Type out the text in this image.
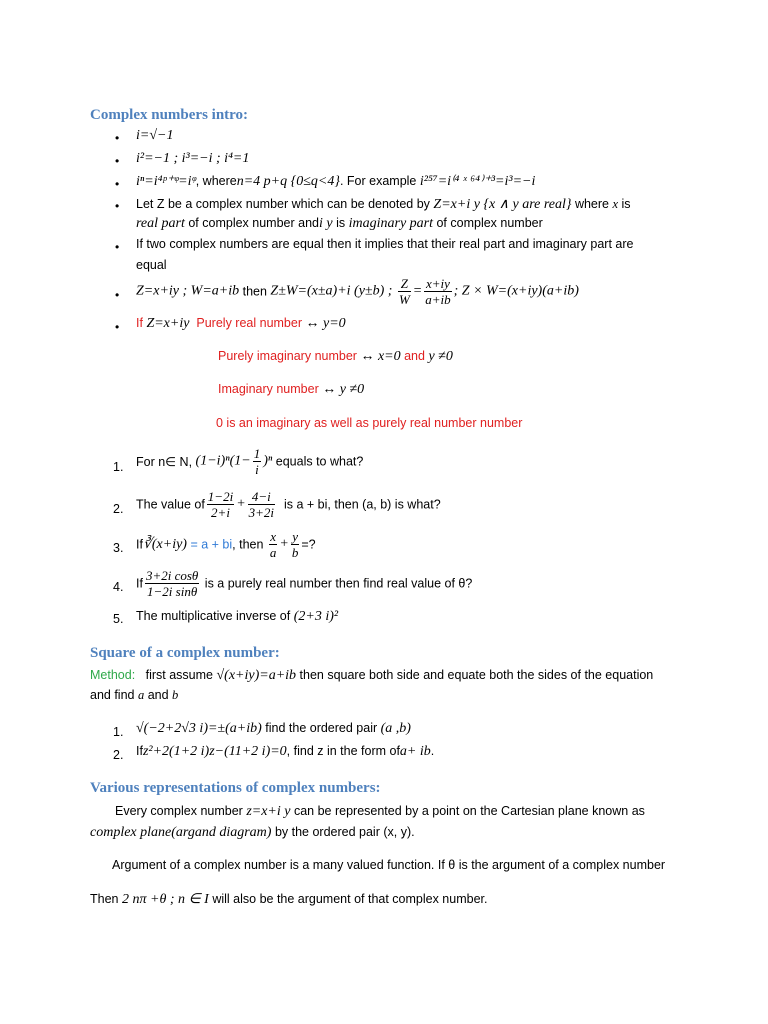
Complex numbers intro:
• i=√−1
• i²=−1 ; i³=−i ; i⁴=1
• iⁿ=i⁴ᵖ⁺ᵠ=iᵠ, wheren=4 p+q {0≤q<4}. For example i²⁵⁷=i⁽⁴ ˣ ⁶⁴⁾⁺³=i³=−i
• Let Z be a complex number which can be denoted by Z=x+i y {x ∧ y are real} where x is
real part of complex number andi y is imaginary part of complex number
• If two complex numbers are equal then it implies that their real part and imaginary part are
equal
• Z=x+iy ; W=a+ib then Z±W=(x±a)+i (y±b) ; $\frac{Z}{W} = \frac{x+iy}{a+ib}$ ; Z × W=(x+iy)(a+ib)
• If Z=x+iy Purely real number ↔ y=0
Purely imaginary number ↔ x=0 and y ≠0
Imaginary number ↔ y ≠0
0 is an imaginary as well as purely real number number
1. For n∈ N, $(1-i)^n(1- \frac{1}{i} )^n$ equals to what?
2. The value of $\frac{1-2i}{2+i} + \frac{4-i}{3+2i}$ is a + bi, then (a, b) is what?
3. If∛(x+iy) = a + bi, then $\frac{x}{a} + \frac{y}{b}$ =?
4. If $\frac{\text{3+2i cosθ}}{\text{1−2i sinθ}}$ is a purely real number then find real value of θ?
5. The multiplicative inverse of (2+3 i)²
Square of a complex number:
Method: first assume √(x+iy)=a+ib then square both side and equate both the sides of the equation
and find a and b
1. √(−2+2√3 i)=±(a+ib) find the ordered pair (a ,b)
2. Ifz²+2(1+2 i)z−(11+2 i)=0, find z in the form ofa+ ib.
Various representations of complex numbers:
Every complex number z=x+i y can be represented by a point on the Cartesian plane known as
complex plane(argand diagram) by the ordered pair (x, y).
Argument of a complex number is a many valued function. If θ is the argument of a complex number
Then 2 nπ +θ ; n ∈ I will also be the argument of that complex number.
